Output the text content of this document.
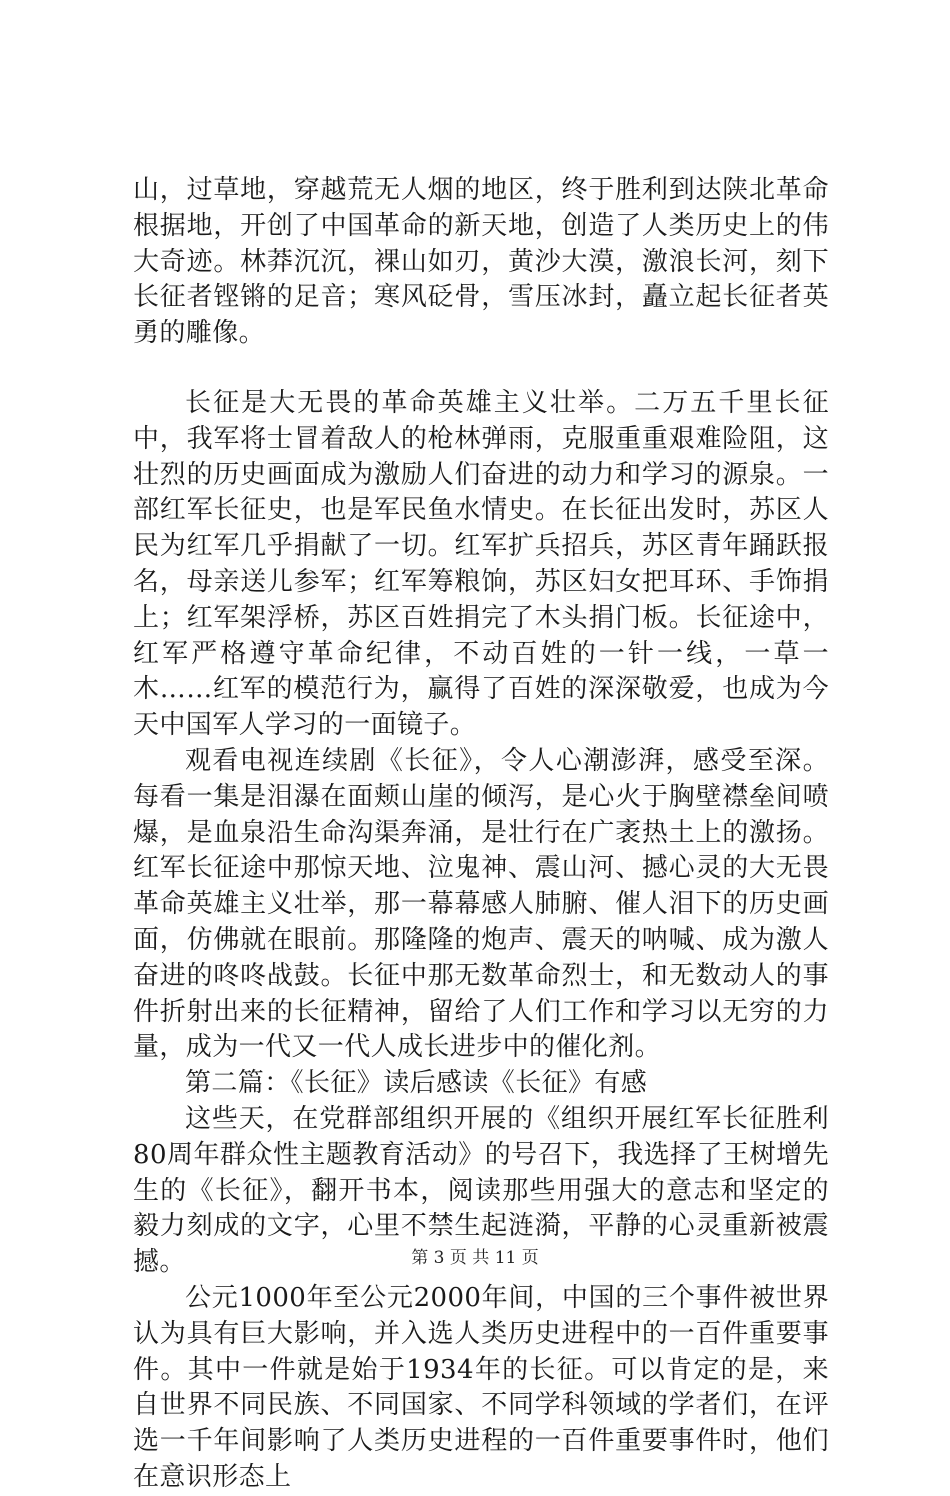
山，过草地，穿越荒无人烟的地区，终于胜利到达陕北革命根据地，开创了中国革命的新天地，创造了人类历史上的伟大奇迹。林莽沉沉，裸山如刃，黄沙大漠，激浪长河，刻下长征者铿锵的足音；寒风砭骨，雪压冰封，矗立起长征者英勇的雕像。

长征是大无畏的革命英雄主义壮举。二万五千里长征中，我军将士冒着敌人的枪林弹雨，克服重重艰难险阻，这壮烈的历史画面成为激励人们奋进的动力和学习的源泉。一部红军长征史，也是军民鱼水情史。在长征出发时，苏区人民为红军几乎捐献了一切。红军扩兵招兵，苏区青年踊跃报名，母亲送儿参军；红军筹粮饷，苏区妇女把耳环、手饰捐上；红军架浮桥，苏区百姓捐完了木头捐门板。长征途中，红军严格遵守革命纪律，不动百姓的一针一线，一草一木……红军的模范行为，赢得了百姓的深深敬爱，也成为今天中国军人学习的一面镜子。

观看电视连续剧《长征》，令人心潮澎湃，感受至深。每看一集是泪瀑在面颊山崖的倾泻，是心火于胸壁襟垒间喷爆，是血泉沿生命沟渠奔涌，是壮行在广袤热土上的激扬。红军长征途中那惊天地、泣鬼神、震山河、撼心灵的大无畏革命英雄主义壮举，那一幕幕感人肺腑、催人泪下的历史画面，仿佛就在眼前。那隆隆的炮声、震天的呐喊、成为激人奋进的咚咚战鼓。长征中那无数革命烈士，和无数动人的事件折射出来的长征精神，留给了人们工作和学习以无穷的力量，成为一代又一代人成长进步中的催化剂。

第二篇：《长征》读后感读《长征》有感

这些天，在党群部组织开展的《组织开展红军长征胜利80周年群众性主题教育活动》的号召下，我选择了王树增先生的《长征》，翻开书本，阅读那些用强大的意志和坚定的毅力刻成的文字，心里不禁生起涟漪，平静的心灵重新被震撼。

公元1000年至公元2000年间，中国的三个事件被世界认为具有巨大影响，并入选人类历史进程中的一百件重要事件。其中一件就是始于1934年的长征。可以肯定的是，来自世界不同民族、不同国家、不同学科领域的学者们，在评选一千年间影响了人类历史进程的一百件重要事件时，他们在意识形态上

第 3 页 共 11 页
